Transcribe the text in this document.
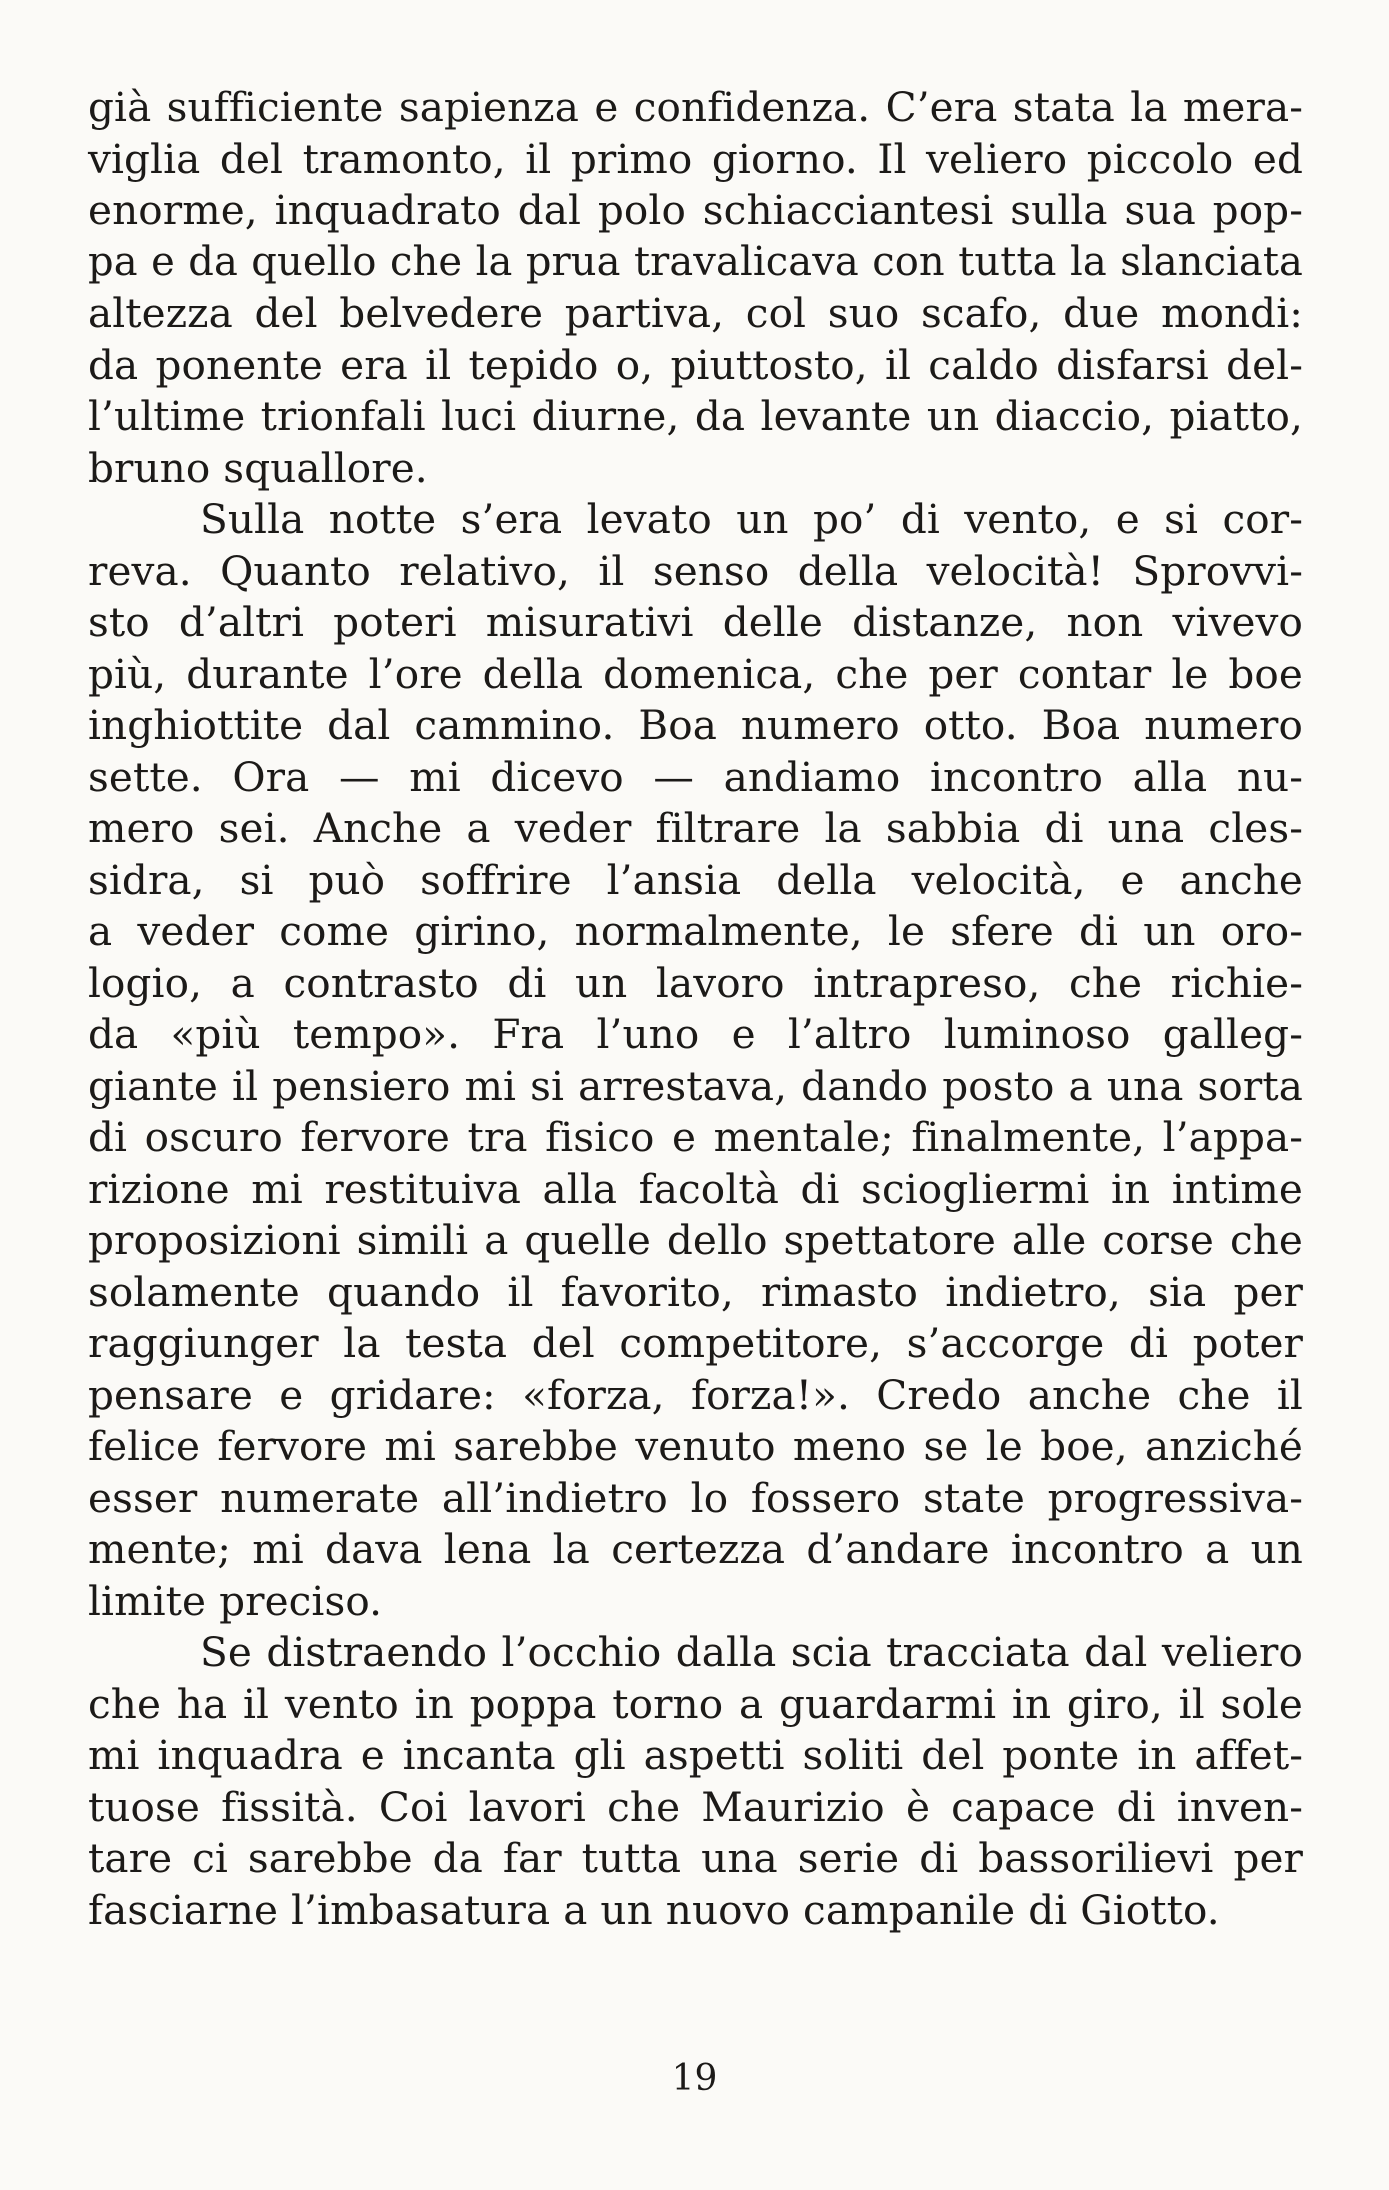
già sufficiente sapienza e confidenza. C’era stata la mera-
viglia del tramonto, il primo giorno. Il veliero piccolo ed
enorme, inquadrato dal polo schiacciantesi sulla sua pop-
pa e da quello che la prua travalicava con tutta la slanciata
altezza del belvedere partiva, col suo scafo, due mondi:
da ponente era il tepido o, piuttosto, il caldo disfarsi del-
l’ultime trionfali luci diurne, da levante un diaccio, piatto,
bruno squallore.
Sulla notte s’era levato un po’ di vento, e si cor-
reva. Quanto relativo, il senso della velocità! Sprovvi-
sto d’altri poteri misurativi delle distanze, non vivevo
più, durante l’ore della domenica, che per contar le boe
inghiottite dal cammino. Boa numero otto. Boa numero
sette. Ora — mi dicevo — andiamo incontro alla nu-
mero sei. Anche a veder filtrare la sabbia di una cles-
sidra, si può soffrire l’ansia della velocità, e anche
a veder come girino, normalmente, le sfere di un oro-
logio, a contrasto di un lavoro intrapreso, che richie-
da «più tempo». Fra l’uno e l’altro luminoso galleg-
giante il pensiero mi si arrestava, dando posto a una sorta
di oscuro fervore tra fisico e mentale; finalmente, l’appa-
rizione mi restituiva alla facoltà di sciogliermi in intime
proposizioni simili a quelle dello spettatore alle corse che
solamente quando il favorito, rimasto indietro, sia per
raggiunger la testa del competitore, s’accorge di poter
pensare e gridare: «forza, forza!». Credo anche che il
felice fervore mi sarebbe venuto meno se le boe, anziché
esser numerate all’indietro lo fossero state progressiva-
mente; mi dava lena la certezza d’andare incontro a un
limite preciso.
Se distraendo l’occhio dalla scia tracciata dal veliero
che ha il vento in poppa torno a guardarmi in giro, il sole
mi inquadra e incanta gli aspetti soliti del ponte in affet-
tuose fissità. Coi lavori che Maurizio è capace di inven-
tare ci sarebbe da far tutta una serie di bassorilievi per
fasciarne l’imbasatura a un nuovo campanile di Giotto.
19
